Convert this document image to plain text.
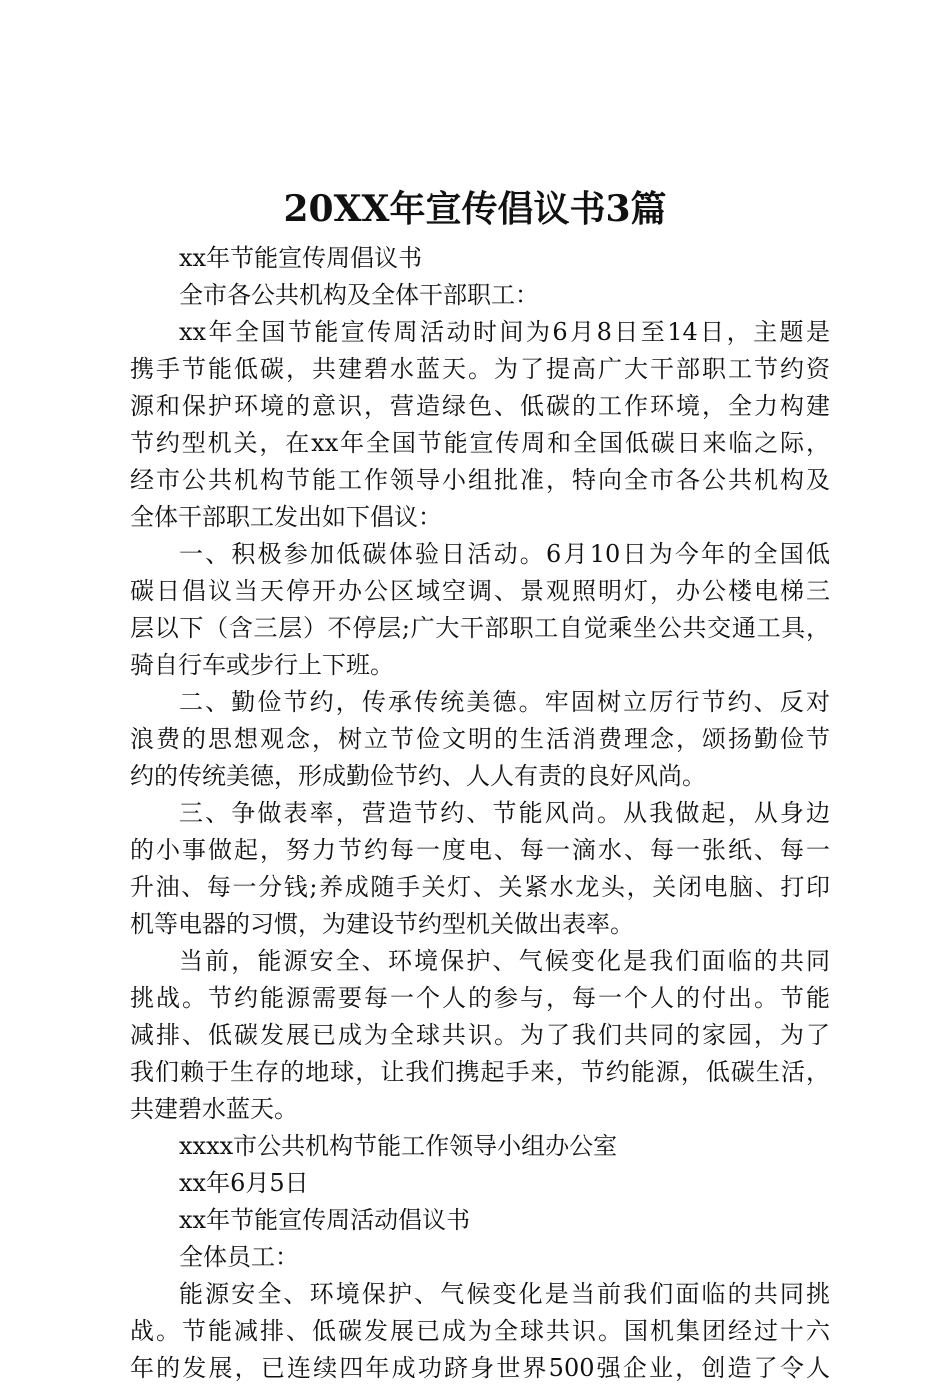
20XX年宣传倡议书3篇
xx年节能宣传周倡议书
全市各公共机构及全体干部职工：
xx年全国节能宣传周活动时间为6月8日至14日，主题是
携手节能低碳，共建碧水蓝天。为了提高广大干部职工节约资
源和保护环境的意识，营造绿色、低碳的工作环境，全力构建
节约型机关，在xx年全国节能宣传周和全国低碳日来临之际，
经市公共机构节能工作领导小组批准，特向全市各公共机构及
全体干部职工发出如下倡议：
一、积极参加低碳体验日活动。6月10日为今年的全国低
碳日倡议当天停开办公区域空调、景观照明灯，办公楼电梯三
层以下（含三层）不停层;广大干部职工自觉乘坐公共交通工具，
骑自行车或步行上下班。
二、勤俭节约，传承传统美德。牢固树立厉行节约、反对
浪费的思想观念，树立节俭文明的生活消费理念，颂扬勤俭节
约的传统美德，形成勤俭节约、人人有责的良好风尚。
三、争做表率，营造节约、节能风尚。从我做起，从身边
的小事做起，努力节约每一度电、每一滴水、每一张纸、每一
升油、每一分钱;养成随手关灯、关紧水龙头，关闭电脑、打印
机等电器的习惯，为建设节约型机关做出表率。
当前，能源安全、环境保护、气候变化是我们面临的共同
挑战。节约能源需要每一个人的参与，每一个人的付出。节能
减排、低碳发展已成为全球共识。为了我们共同的家园，为了
我们赖于生存的地球，让我们携起手来，节约能源，低碳生活，
共建碧水蓝天。
xxxx市公共机构节能工作领导小组办公室
xx年6月5日
xx年节能宣传周活动倡议书
全体员工：
能源安全、环境保护、气候变化是当前我们面临的共同挑
战。节能减排、低碳发展已成为全球共识。国机集团经过十六
年的发展，已连续四年成功跻身世界500强企业，创造了令人
